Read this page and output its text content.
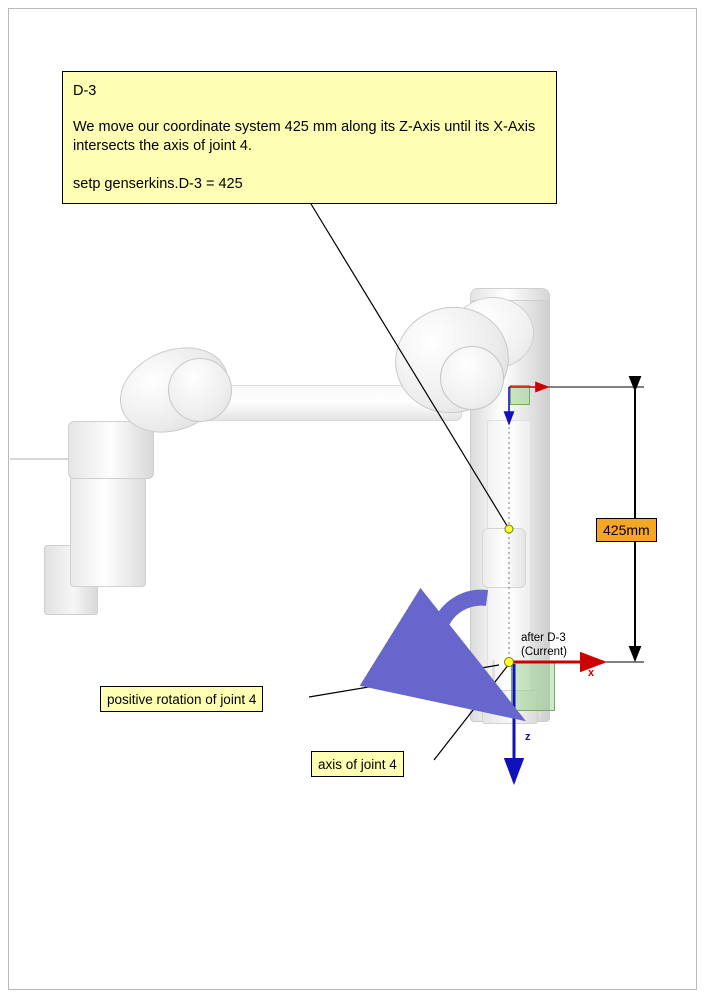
after D-3
(Current)
x
z

D-3

We move our coordinate system 425 mm along its Z-Axis until its X-Axis intersects the axis of joint 4.

setp genserkins.D-3 = 425

positive rotation of joint 4
axis of joint 4
425mm
